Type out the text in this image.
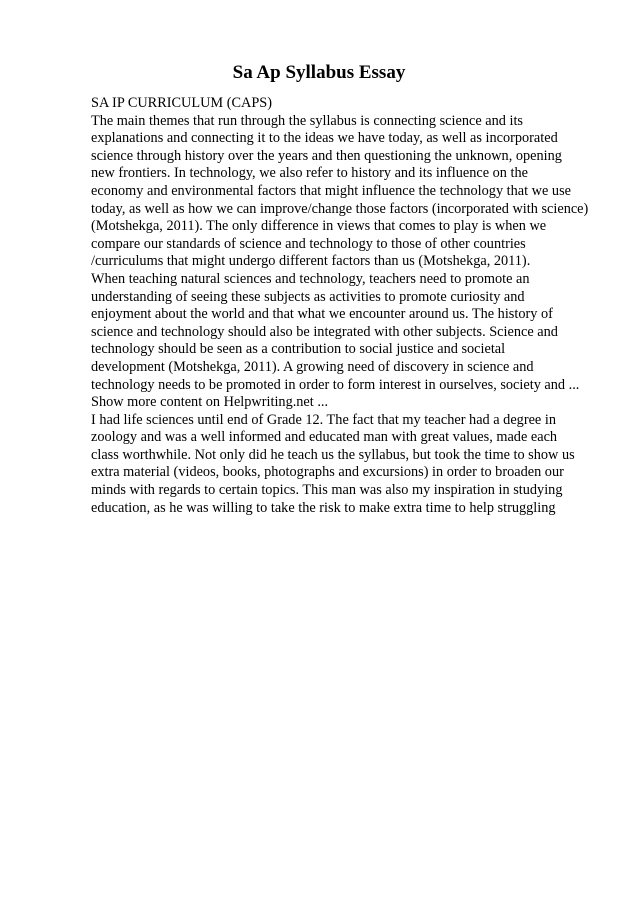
Sa Ap Syllabus Essay
SA IP CURRICULUM (CAPS)
The main themes that run through the syllabus is connecting science and its
explanations and connecting it to the ideas we have today, as well as incorporated
science through history over the years and then questioning the unknown, opening
new frontiers. In technology, we also refer to history and its influence on the
economy and environmental factors that might influence the technology that we use
today, as well as how we can improve/change those factors (incorporated with science)
(Motshekga, 2011). The only difference in views that comes to play is when we
compare our standards of science and technology to those of other countries
/curriculums that might undergo different factors than us (Motshekga, 2011).
When teaching natural sciences and technology, teachers need to promote an
understanding of seeing these subjects as activities to promote curiosity and
enjoyment about the world and that what we encounter around us. The history of
science and technology should also be integrated with other subjects. Science and
technology should be seen as a contribution to social justice and societal
development (Motshekga, 2011). A growing need of discovery in science and
technology needs to be promoted in order to form interest in ourselves, society and ...
Show more content on Helpwriting.net ...
I had life sciences until end of Grade 12. The fact that my teacher had a degree in
zoology and was a well informed and educated man with great values, made each
class worthwhile. Not only did he teach us the syllabus, but took the time to show us
extra material (videos, books, photographs and excursions) in order to broaden our
minds with regards to certain topics. This man was also my inspiration in studying
education, as he was willing to take the risk to make extra time to help struggling
